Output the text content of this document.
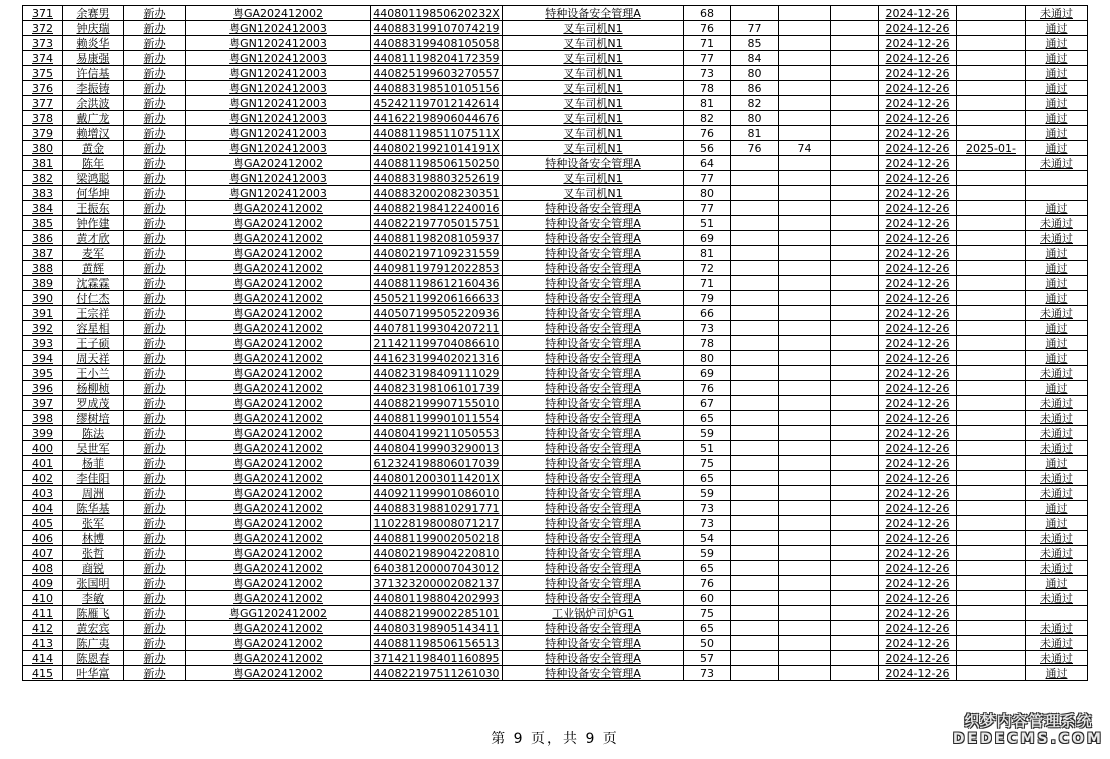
371	余赛男	新办	粤GA202412002	44080119850620232X	特种设备安全管理A	68				2024-12-26		未通过
372	钟庆瑞	新办	粤GN1202412003	440883199107074219	叉车司机N1	76	77			2024-12-26		通过
373	赖炎华	新办	粤GN1202412003	440883199408105058	叉车司机N1	71	85			2024-12-26		通过
374	易康强	新办	粤GN1202412003	440811198204172359	叉车司机N1	77	84			2024-12-26		通过
375	许信基	新办	粤GN1202412003	440825199603270557	叉车司机N1	73	80			2024-12-26		通过
376	李振铸	新办	粤GN1202412003	440883198510105156	叉车司机N1	78	86			2024-12-26		通过
377	余洪波	新办	粤GN1202412003	452421197012142614	叉车司机N1	81	82			2024-12-26		通过
378	戴广龙	新办	粤GN1202412003	441622198906044676	叉车司机N1	82	80			2024-12-26		通过
379	赖增汉	新办	粤GN1202412003	44088119851107511X	叉车司机N1	76	81			2024-12-26		通过
380	黄金	新办	粤GN1202412003	44080219921014191X	叉车司机N1	56	76	74		2024-12-26	2025-01-	通过
381	陈年	新办	粤GA202412002	440881198506150250	特种设备安全管理A	64				2024-12-26		未通过
382	梁鸿聪	新办	粤GN1202412003	440883198803252619	叉车司机N1	77				2024-12-26		
383	何华坤	新办	粤GN1202412003	440883200208230351	叉车司机N1	80				2024-12-26		
384	王振东	新办	粤GA202412002	440882198412240016	特种设备安全管理A	77				2024-12-26		通过
385	钟作建	新办	粤GA202412002	440822197705015751	特种设备安全管理A	51				2024-12-26		未通过
386	黄才欣	新办	粤GA202412002	440881198208105937	特种设备安全管理A	69				2024-12-26		未通过
387	麦军	新办	粤GA202412002	440802197109231559	特种设备安全管理A	81				2024-12-26		通过
388	黄辉	新办	粤GA202412002	440981197912022853	特种设备安全管理A	72				2024-12-26		通过
389	沈霖霖	新办	粤GA202412002	440881198612160436	特种设备安全管理A	71				2024-12-26		通过
390	付仁杰	新办	粤GA202412002	450521199206166633	特种设备安全管理A	79				2024-12-26		通过
391	王宗祥	新办	粤GA202412002	440507199505220936	特种设备安全管理A	66				2024-12-26		未通过
392	容星相	新办	粤GA202412002	440781199304207211	特种设备安全管理A	73				2024-12-26		通过
393	王子硕	新办	粤GA202412002	211421199704086610	特种设备安全管理A	78				2024-12-26		通过
394	周天祥	新办	粤GA202412002	441623199402021316	特种设备安全管理A	80				2024-12-26		通过
395	王小兰	新办	粤GA202412002	440823198409111029	特种设备安全管理A	69				2024-12-26		未通过
396	杨柳桢	新办	粤GA202412002	440823198106101739	特种设备安全管理A	76				2024-12-26		通过
397	罗成茂	新办	粤GA202412002	440882199907155010	特种设备安全管理A	67				2024-12-26		未通过
398	缪树培	新办	粤GA202412002	440881199901011554	特种设备安全管理A	65				2024-12-26		未通过
399	陈法	新办	粤GA202412002	440804199211050553	特种设备安全管理A	59				2024-12-26		未通过
400	吴世军	新办	粤GA202412002	440804199903290013	特种设备安全管理A	51				2024-12-26		未通过
401	杨菲	新办	粤GA202412002	612324198806017039	特种设备安全管理A	75				2024-12-26		通过
402	李佳阳	新办	粤GA202412002	44080120030114201X	特种设备安全管理A	65				2024-12-26		未通过
403	周洲	新办	粤GA202412002	440921199901086010	特种设备安全管理A	59				2024-12-26		未通过
404	陈华基	新办	粤GA202412002	440883198810291771	特种设备安全管理A	73				2024-12-26		通过
405	张军	新办	粤GA202412002	110228198008071217	特种设备安全管理A	73				2024-12-26		通过
406	林博	新办	粤GA202412002	440881199002050218	特种设备安全管理A	54				2024-12-26		未通过
407	张哲	新办	粤GA202412002	440802198904220810	特种设备安全管理A	59				2024-12-26		未通过
408	商锐	新办	粤GA202412002	640381200007043012	特种设备安全管理A	65				2024-12-26		未通过
409	张国明	新办	粤GA202412002	371323200002082137	特种设备安全管理A	76				2024-12-26		通过
410	李敏	新办	粤GA202412002	440801198804202993	特种设备安全管理A	60				2024-12-26		未通过
411	陈雁飞	新办	粤GG1202412002	440882199002285101	工业锅炉司炉G1	75				2024-12-26		
412	黄宏宾	新办	粤GA202412002	440803198905143411	特种设备安全管理A	65				2024-12-26		未通过
413	陈广夷	新办	粤GA202412002	440881198506156513	特种设备安全管理A	50				2024-12-26		未通过
414	陈恩春	新办	粤GA202412002	371421198401160895	特种设备安全管理A	57				2024-12-26		未通过
415	叶华富	新办	粤GA202412002	440822197511261030	特种设备安全管理A	73				2024-12-26		通过
第 9 页，共 9 页
织梦内容管理系统
DEDECMS.COM
